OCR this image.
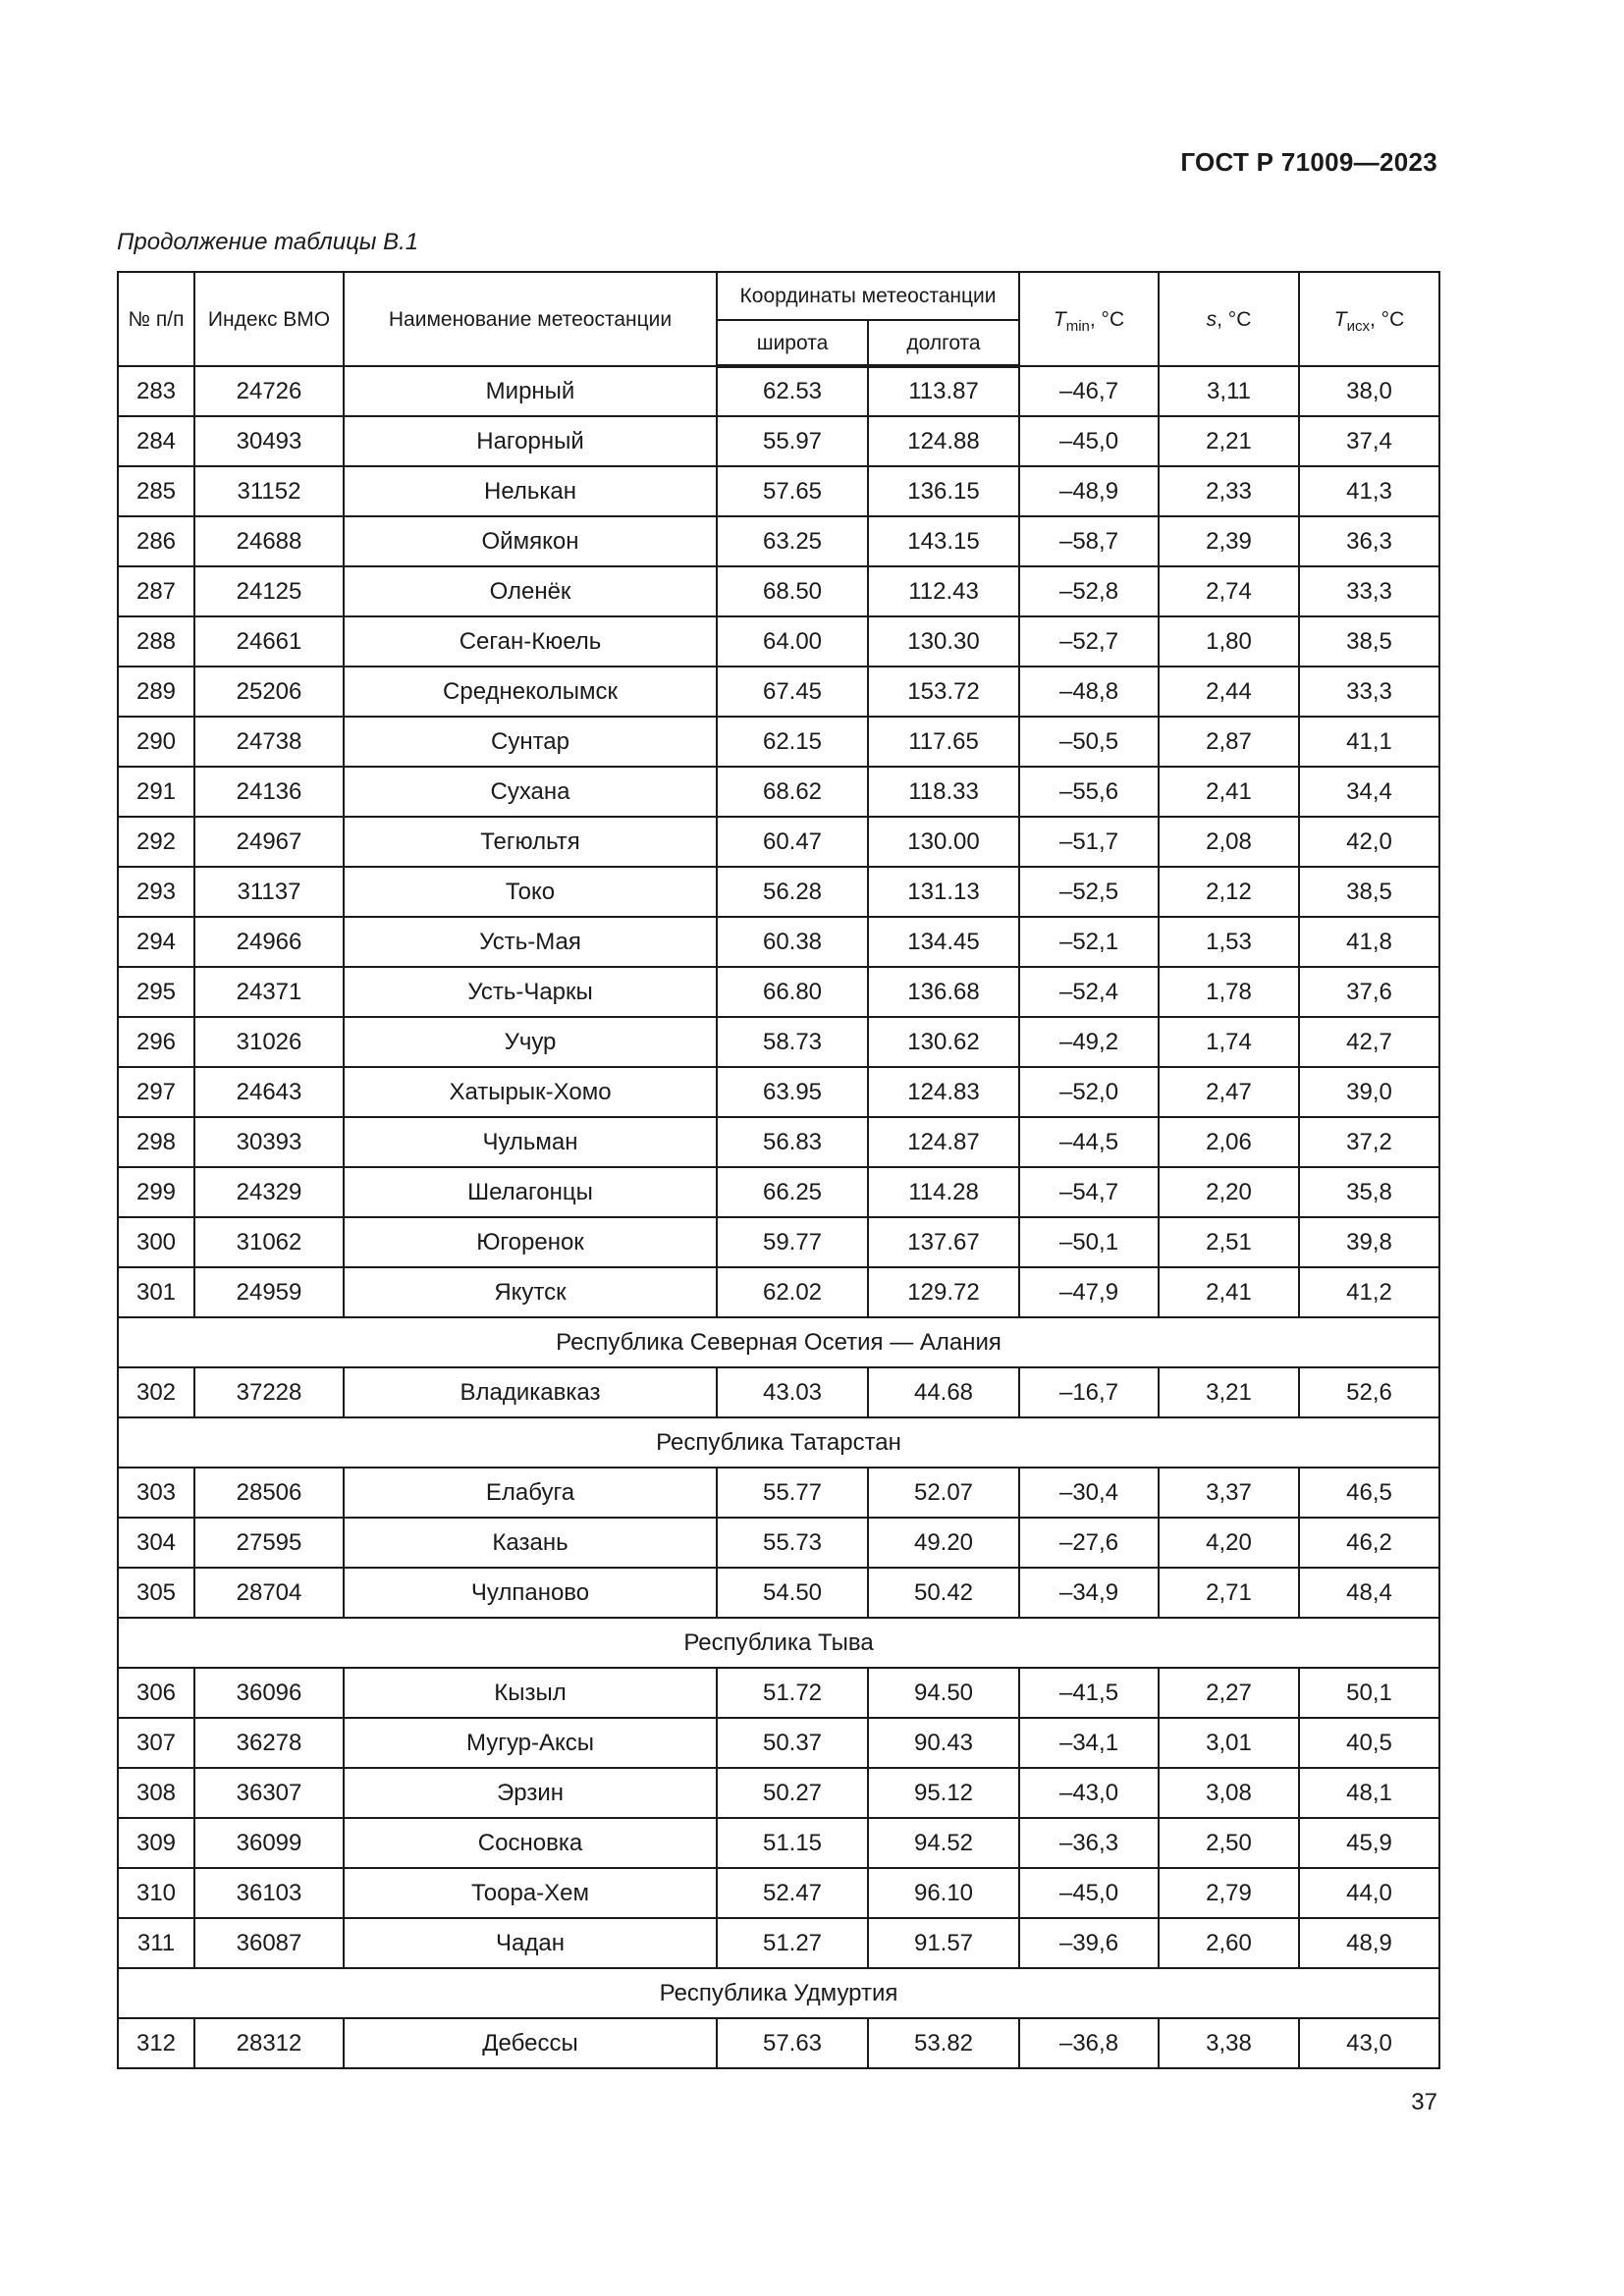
ГОСТ Р 71009—2023
Продолжение таблицы В.1
№ п/п	Индекс ВМО	Наименование метеостанции	Координаты метеостанции		$T_{min}$, °С	s, °С	$T_{исх}$, °С
			широта	долгота			
283	24726	Мирный	62.53	113.87	–46,7	3,11	38,0
284	30493	Нагорный	55.97	124.88	–45,0	2,21	37,4
285	31152	Нелькан	57.65	136.15	–48,9	2,33	41,3
286	24688	Оймякон	63.25	143.15	–58,7	2,39	36,3
287	24125	Оленёк	68.50	112.43	–52,8	2,74	33,3
288	24661	Сеган-Кюель	64.00	130.30	–52,7	1,80	38,5
289	25206	Среднеколымск	67.45	153.72	–48,8	2,44	33,3
290	24738	Сунтар	62.15	117.65	–50,5	2,87	41,1
291	24136	Сухана	68.62	118.33	–55,6	2,41	34,4
292	24967	Тегюльтя	60.47	130.00	–51,7	2,08	42,0
293	31137	Токо	56.28	131.13	–52,5	2,12	38,5
294	24966	Усть-Мая	60.38	134.45	–52,1	1,53	41,8
295	24371	Усть-Чаркы	66.80	136.68	–52,4	1,78	37,6
296	31026	Учур	58.73	130.62	–49,2	1,74	42,7
297	24643	Хатырык-Хомо	63.95	124.83	–52,0	2,47	39,0
298	30393	Чульман	56.83	124.87	–44,5	2,06	37,2
299	24329	Шелагонцы	66.25	114.28	–54,7	2,20	35,8
300	31062	Югоренок	59.77	137.67	–50,1	2,51	39,8
301	24959	Якутск	62.02	129.72	–47,9	2,41	41,2
Республика Северная Осетия — Алания							
302	37228	Владикавказ	43.03	44.68	–16,7	3,21	52,6
Республика Татарстан							
303	28506	Елабуга	55.77	52.07	–30,4	3,37	46,5
304	27595	Казань	55.73	49.20	–27,6	4,20	46,2
305	28704	Чулпаново	54.50	50.42	–34,9	2,71	48,4
Республика Тыва							
306	36096	Кызыл	51.72	94.50	–41,5	2,27	50,1
307	36278	Мугур-Аксы	50.37	90.43	–34,1	3,01	40,5
308	36307	Эрзин	50.27	95.12	–43,0	3,08	48,1
309	36099	Сосновка	51.15	94.52	–36,3	2,50	45,9
310	36103	Тоора-Хем	52.47	96.10	–45,0	2,79	44,0
311	36087	Чадан	51.27	91.57	–39,6	2,60	48,9
Республика Удмуртия							
312	28312	Дебессы	57.63	53.82	–36,8	3,38	43,0
37
